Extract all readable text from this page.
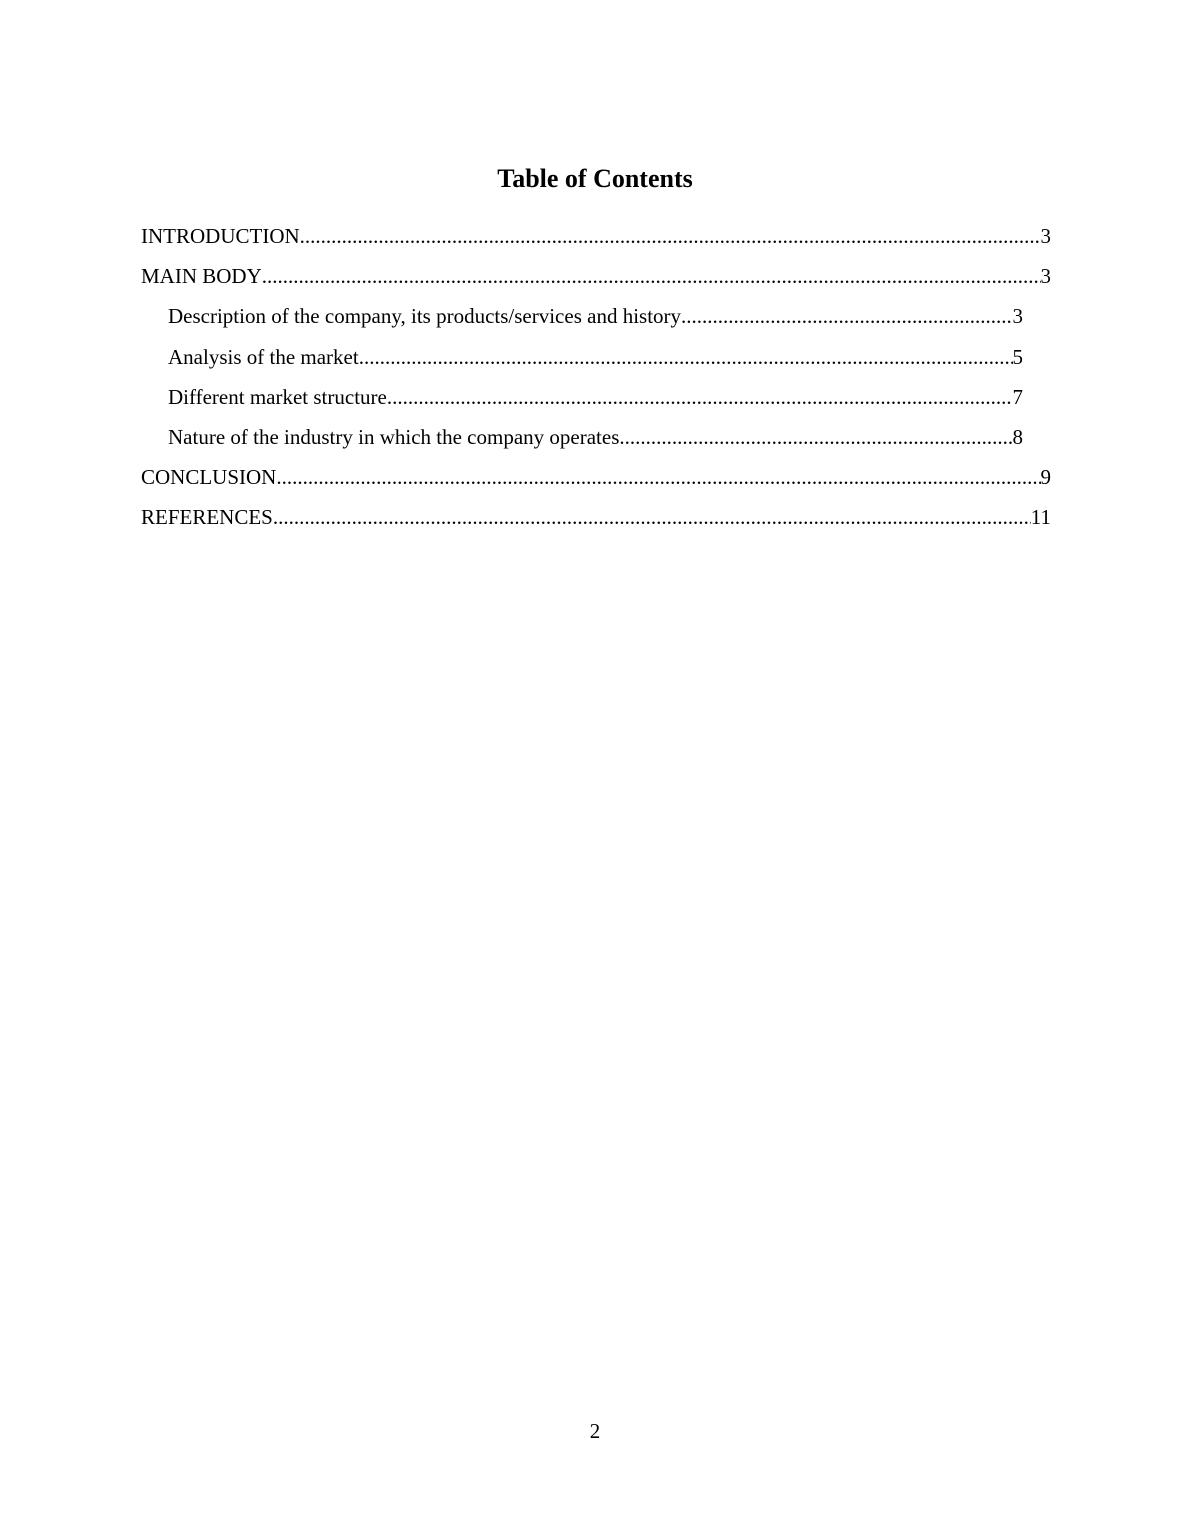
Table of Contents
INTRODUCTION .....	3
MAIN BODY .....	3
Description of the company, its products/services and history .....	3
Analysis of the market .....	5
Different market structure .....	7
Nature of the industry in which the company operates .....	8
CONCLUSION .....	9
REFERENCES .....	11
2
